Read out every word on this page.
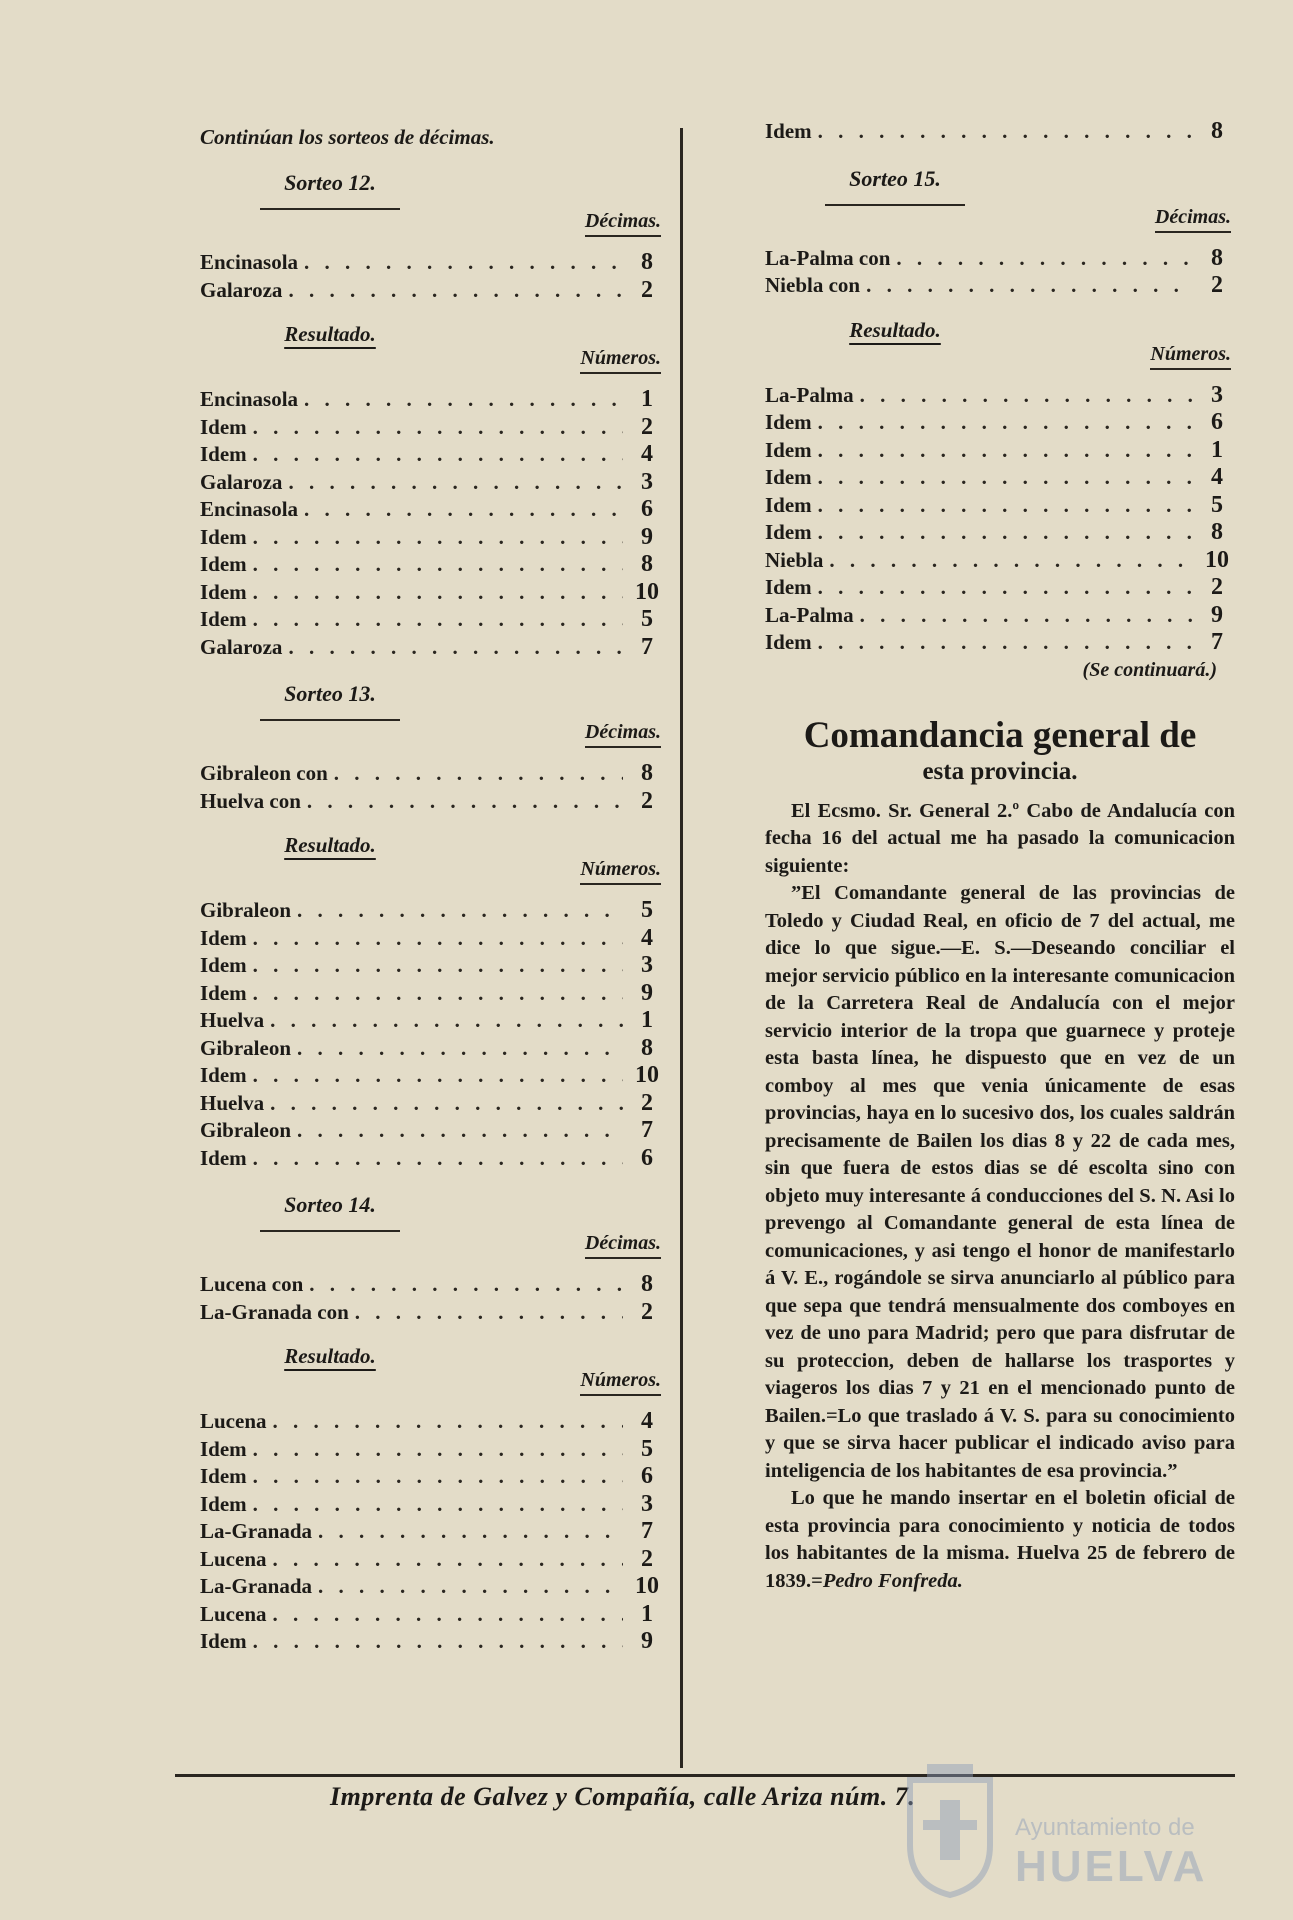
Continúan los sorteos de décimas.
Sorteo 12.
Décimas.
Encinasola . . .	8
Galaroza . . .	2
Resultado.
Números.
Encinasola . . .	1
Idem . . .	2
Idem . . .	4
Galaroza . . .	3
Encinasola . . .	6
Idem . . .	9
Idem . . .	8
Idem . . .	10
Idem . . .	5
Galaroza . . .	7
Sorteo 13.
Décimas.
Gibraleon con . . .	8
Huelva con . . .	2
Resultado.
Números.
Gibraleon . . .	5
Idem . . .	4
Idem . . .	3
Idem . . .	9
Huelva . . .	1
Gibraleon . . .	8
Idem . . .	10
Huelva . . .	2
Gibraleon . . .	7
Idem . . .	6
Sorteo 14.
Décimas.
Lucena con . . .	8
La-Granada con . . .	2
Resultado.
Números.
Lucena . . .	4
Idem . . .	5
Idem . . .	6
Idem . . .	3
La-Granada . . .	7
Lucena . . .	2
La-Granada . . .	10
Lucena . . .	1
Idem . . .	9
Idem . . .	8
Sorteo 15.
Décimas.
La-Palma con . . .	8
Niebla con . . .	2
Resultado.
Números.
La-Palma . . .	3
Idem . . .	6
Idem . . .	1
Idem . . .	4
Idem . . .	5
Idem . . .	8
Niebla . . .	10
Idem . . .	2
La-Palma . . .	9
Idem . . .	7
(Se continuará.)
Comandancia general de
esta provincia.

El Ecsmo. Sr. General 2.º Cabo de Andalucía con fecha 16 del actual me ha pasado la comunicacion siguiente:

”El Comandante general de las provincias de Toledo y Ciudad Real, en oficio de 7 del actual, me dice lo que sigue.—E. S.—Deseando conciliar el mejor servicio público en la interesante comunicacion de la Carretera Real de Andalucía con el mejor servicio interior de la tropa que guarnece y proteje esta basta línea, he dispuesto que en vez de un comboy al mes que venia únicamente de esas provincias, haya en lo sucesivo dos, los cuales saldrán precisamente de Bailen los dias 8 y 22 de cada mes, sin que fuera de estos dias se dé escolta sino con objeto muy interesante á conducciones del S. N. Asi lo prevengo al Comandante general de esta línea de comunicaciones, y asi tengo el honor de manifestarlo á V. E., rogándole se sirva anunciarlo al público para que sepa que tendrá mensualmente dos comboyes en vez de uno para Madrid; pero que para disfrutar de su proteccion, deben de hallarse los trasportes y viageros los dias 7 y 21 en el mencionado punto de Bailen.=Lo que traslado á V. S. para su conocimiento y que se sirva hacer publicar el indicado aviso para inteligencia de los habitantes de esa provincia.”

Lo que he mando insertar en el boletin oficial de esta provincia para conocimiento y noticia de todos los habitantes de la misma. Huelva 25 de febrero de 1839.=Pedro Fonfreda.

Imprenta de Galvez y Compañía, calle Ariza núm. 7.
Ayuntamiento de
HUELVA
